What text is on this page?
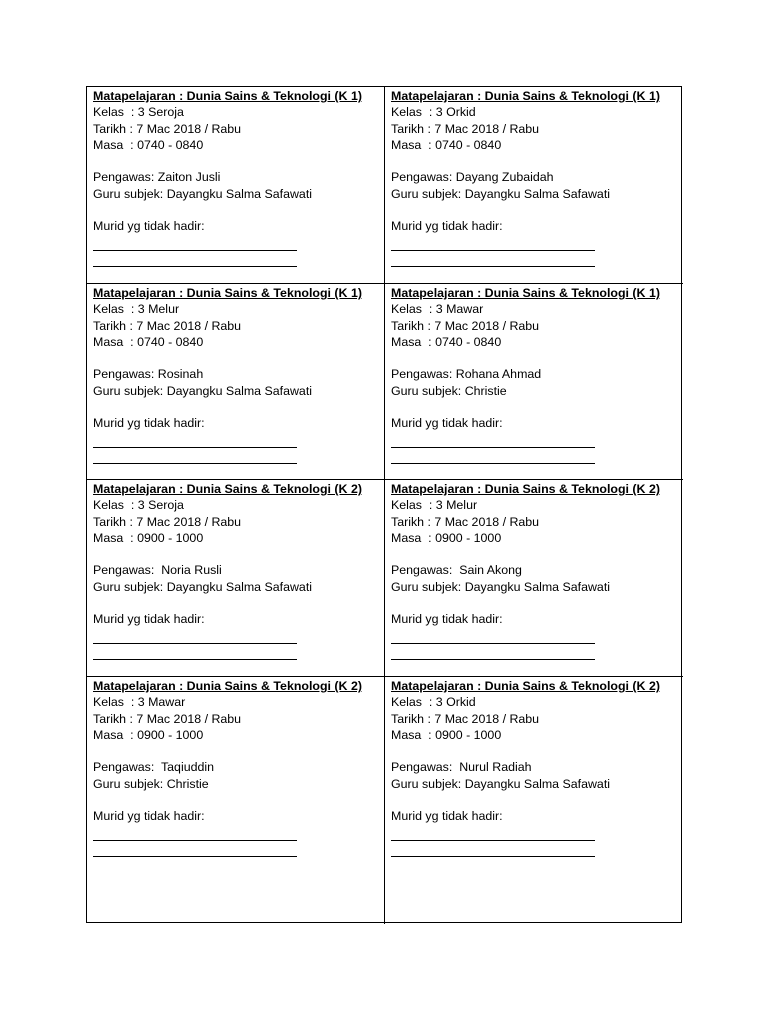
Matapelajaran : Dunia Sains & Teknologi (K 1)
Kelas  : 3 Seroja
Tarikh : 7 Mac 2018 / Rabu
Masa  : 0740 - 0840
Pengawas: Zaiton Jusli
Guru subjek: Dayangku Salma Safawati
Murid yg tidak hadir:
Matapelajaran : Dunia Sains & Teknologi (K 1)
Kelas  : 3 Orkid
Tarikh : 7 Mac 2018 / Rabu
Masa  : 0740 - 0840
Pengawas: Dayang Zubaidah
Guru subjek: Dayangku Salma Safawati
Murid yg tidak hadir:
Matapelajaran : Dunia Sains & Teknologi (K 1)
Kelas  : 3 Melur
Tarikh : 7 Mac 2018 / Rabu
Masa  : 0740 - 0840
Pengawas: Rosinah
Guru subjek: Dayangku Salma Safawati
Murid yg tidak hadir:
Matapelajaran : Dunia Sains & Teknologi (K 1)
Kelas  : 3 Mawar
Tarikh : 7 Mac 2018 / Rabu
Masa  : 0740 - 0840
Pengawas: Rohana Ahmad
Guru subjek: Christie
Murid yg tidak hadir:
Matapelajaran : Dunia Sains & Teknologi (K 2)
Kelas  : 3 Seroja
Tarikh : 7 Mac 2018 / Rabu
Masa  : 0900 - 1000
Pengawas:  Noria Rusli
Guru subjek: Dayangku Salma Safawati
Murid yg tidak hadir:
Matapelajaran : Dunia Sains & Teknologi (K 2)
Kelas  : 3 Melur
Tarikh : 7 Mac 2018 / Rabu
Masa  : 0900 - 1000
Pengawas:  Sain Akong
Guru subjek: Dayangku Salma Safawati
Murid yg tidak hadir:
Matapelajaran : Dunia Sains & Teknologi (K 2)
Kelas  : 3 Mawar
Tarikh : 7 Mac 2018 / Rabu
Masa  : 0900 - 1000
Pengawas:  Taqiuddin
Guru subjek: Christie
Murid yg tidak hadir:
Matapelajaran : Dunia Sains & Teknologi (K 2)
Kelas  : 3 Orkid
Tarikh : 7 Mac 2018 / Rabu
Masa  : 0900 - 1000
Pengawas:  Nurul Radiah
Guru subjek: Dayangku Salma Safawati
Murid yg tidak hadir:
